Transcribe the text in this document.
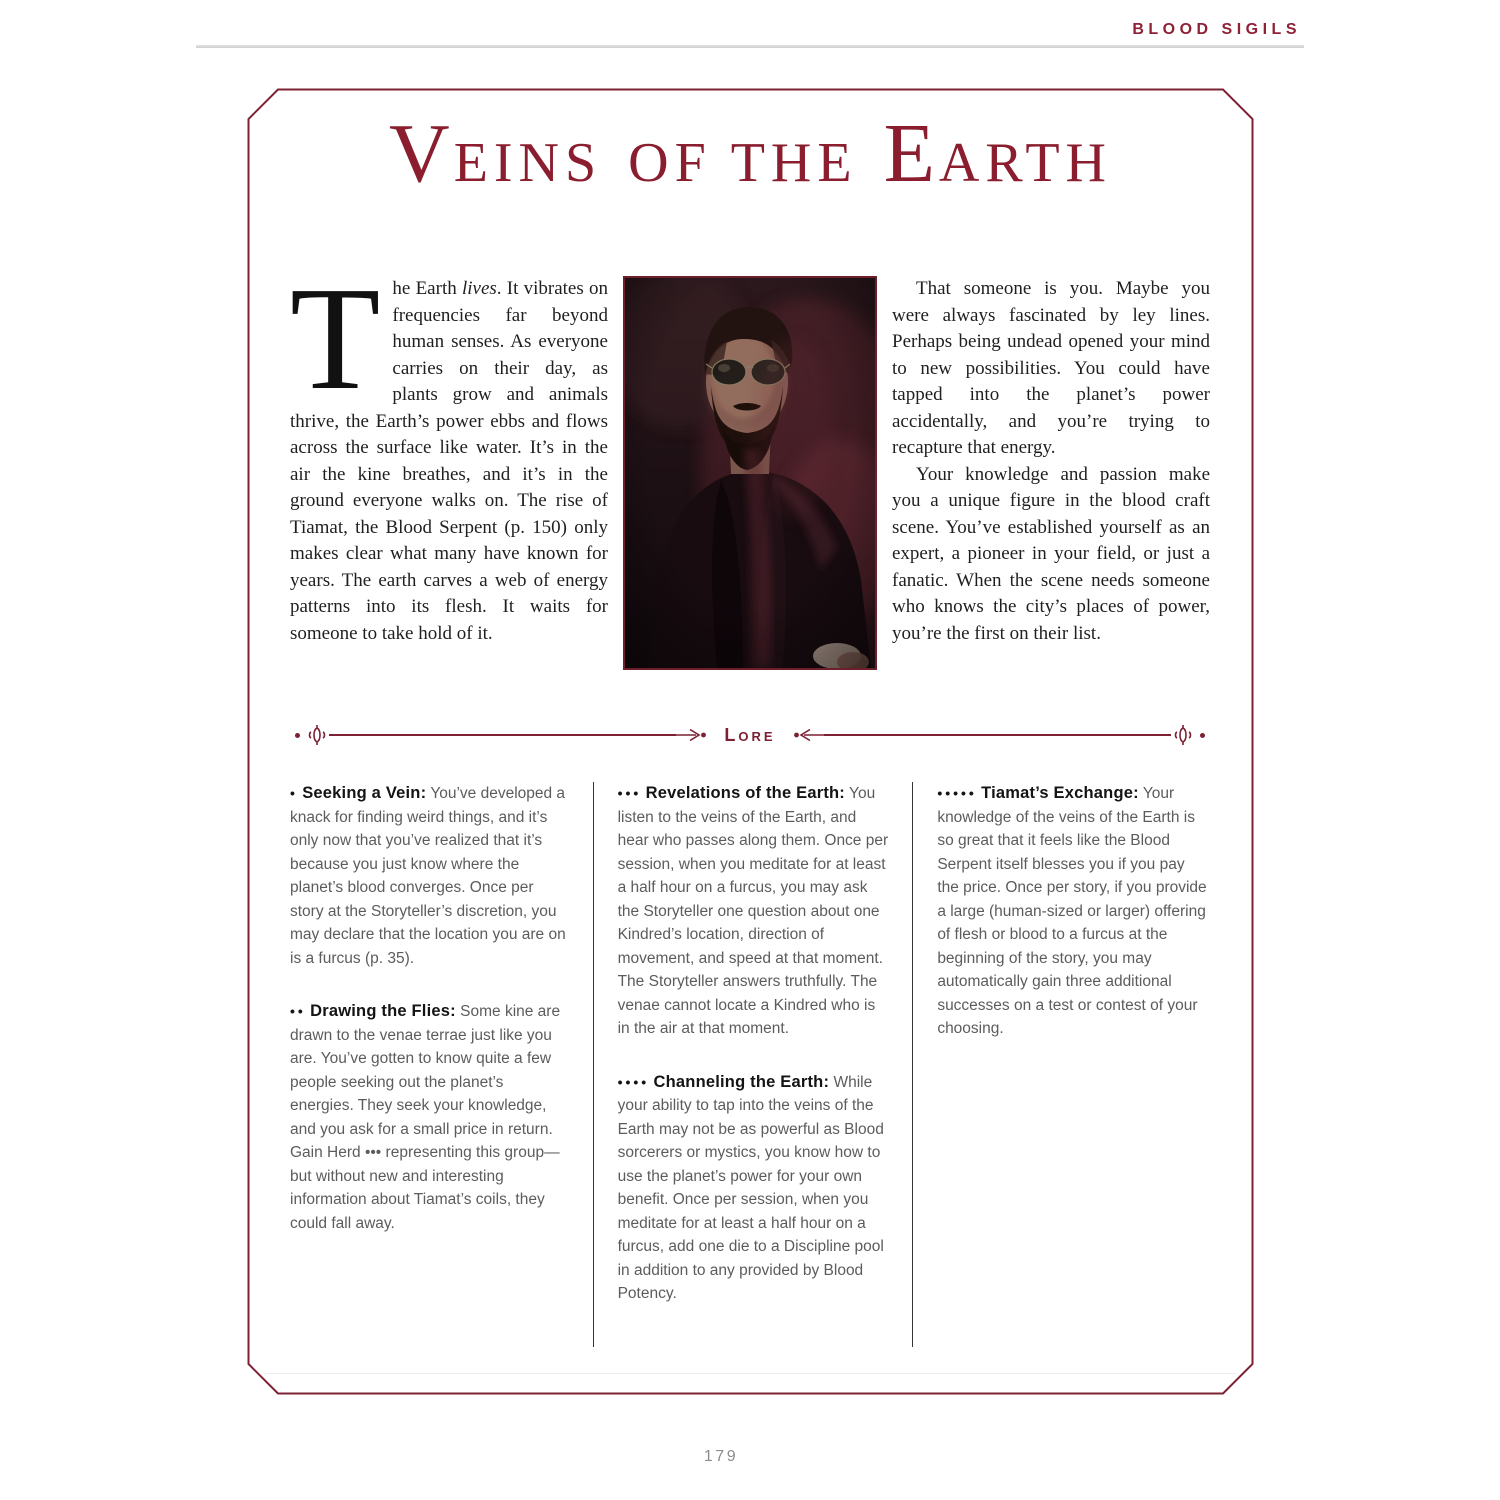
BLOOD SIGILS
VEINS OF THE EARTH

The Earth lives. It vibrates on frequencies far beyond human senses. As everyone carries on their day, as plants grow and animals thrive, the Earth’s power ebbs and flows across the surface like water. It’s in the air the kine breathes, and it’s in the ground everyone walks on. The rise of Tiamat, the Blood Serpent (p. 150) only makes clear what many have known for years. The earth carves a web of energy patterns into its flesh. It waits for someone to take hold of it.

That someone is you. Maybe you were always fascinated by ley lines. Perhaps being undead opened your mind to new possibilities. You could have tapped into the planet’s power accidentally, and you’re trying to recapture that energy.

Your knowledge and passion make you a unique figure in the blood craft scene. You’ve established yourself as an expert, a pioneer in your field, or just a fanatic. When the scene needs someone who knows the city’s places of power, you’re the first on their list.

LORE

• Seeking a Vein: You’ve developed a knack for finding weird things, and it’s only now that you’ve realized that it’s because you just know where the planet’s blood converges. Once per story at the Storyteller’s discretion, you may declare that the location you are on is a furcus (p. 35).

•• Drawing the Flies: Some kine are drawn to the venae terrae just like you are. You’ve gotten to know quite a few people seeking out the planet’s energies. They seek your knowledge, and you ask for a small price in return. Gain Herd ••• representing this group—but without new and interesting information about Tiamat’s coils, they could fall away.

••• Revelations of the Earth: You listen to the veins of the Earth, and hear who passes along them. Once per session, when you meditate for at least a half hour on a furcus, you may ask the Storyteller one question about one Kindred’s location, direction of movement, and speed at that moment. The Storyteller answers truthfully. The venae cannot locate a Kindred who is in the air at that moment.

•••• Channeling the Earth: While your ability to tap into the veins of the Earth may not be as powerful as Blood sorcerers or mystics, you know how to use the planet’s power for your own benefit. Once per session, when you meditate for at least a half hour on a furcus, add one die to a Discipline pool in addition to any provided by Blood Potency.

••••• Tiamat’s Exchange: Your knowledge of the veins of the Earth is so great that it feels like the Blood Serpent itself blesses you if you pay the price. Once per story, if you provide a large (human-sized or larger) offering of flesh or blood to a furcus at the beginning of the story, you may automatically gain three additional successes on a test or contest of your choosing.

179
